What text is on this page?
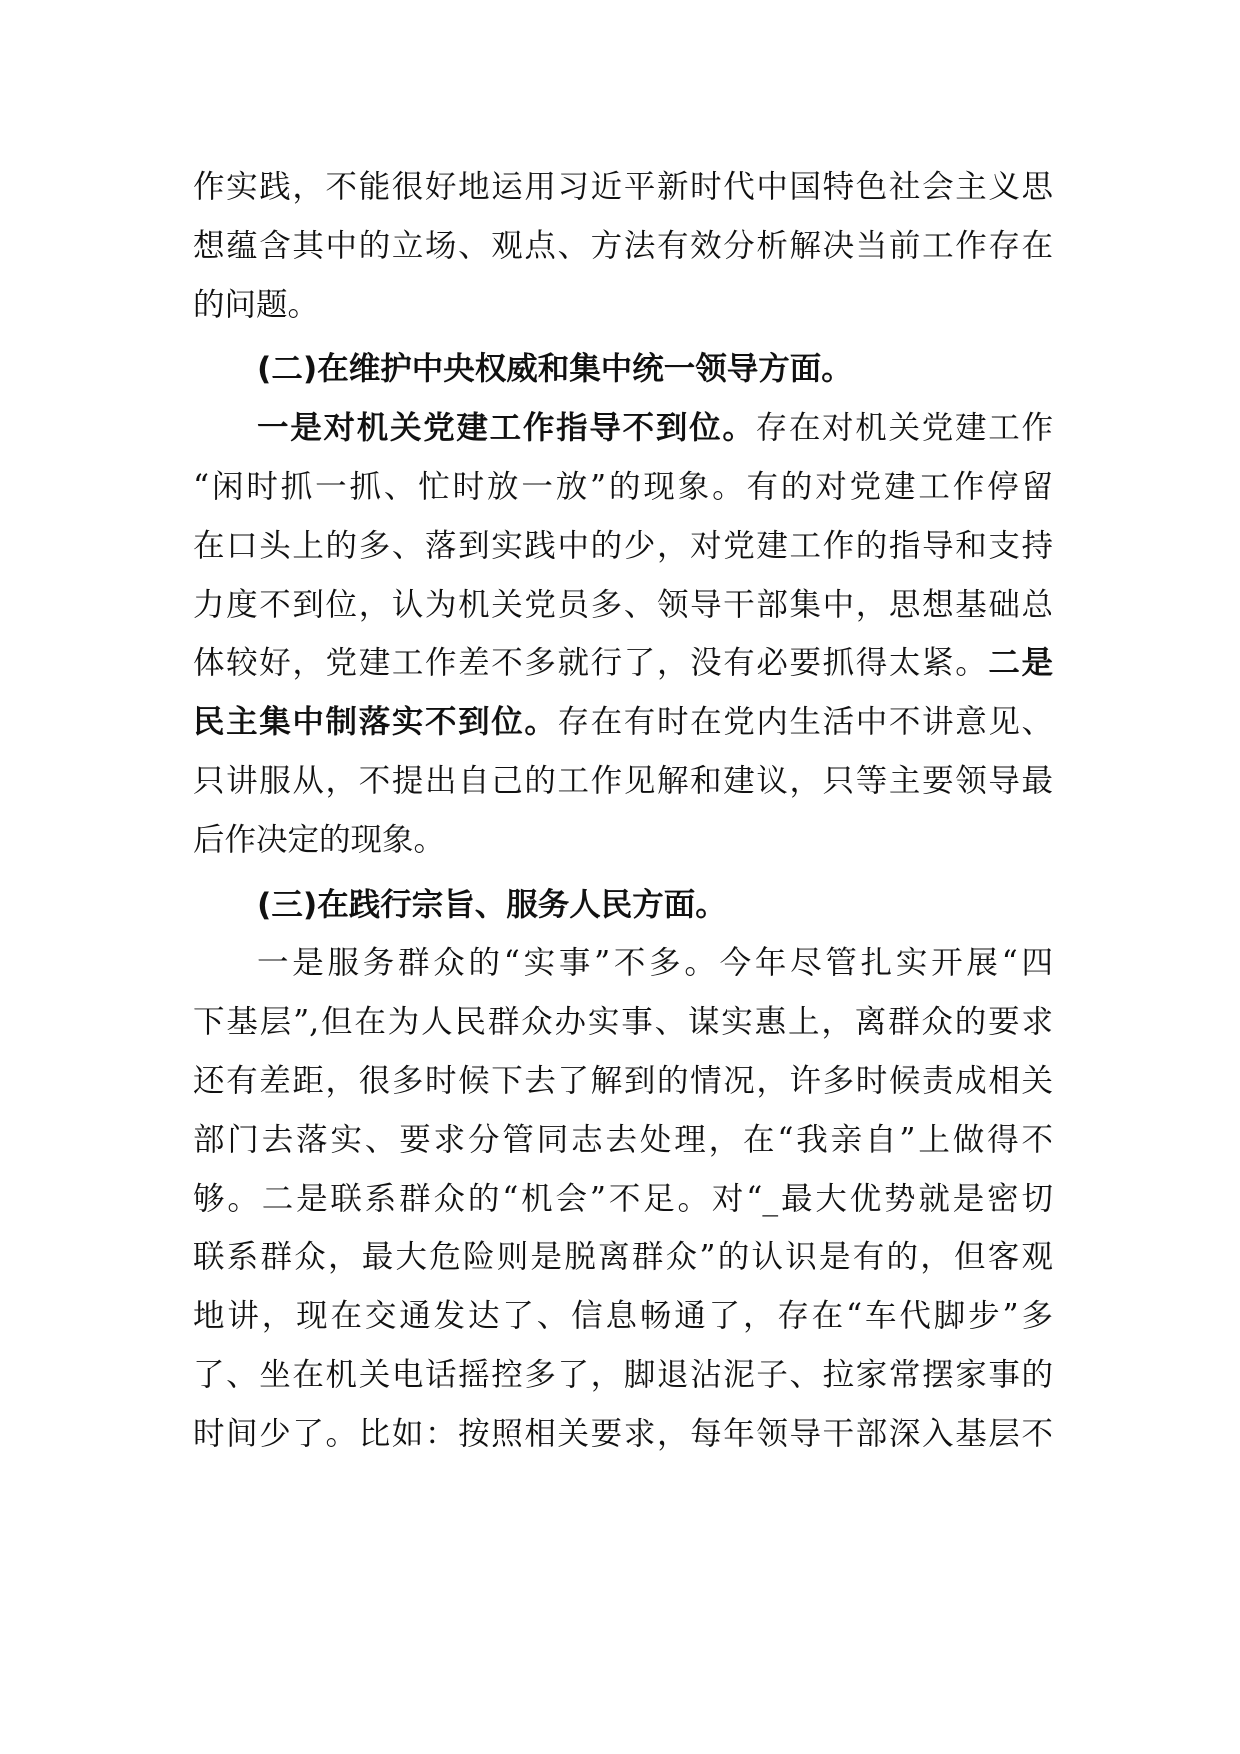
作实践，不能很好地运用习近平新时代中国特色社会主义思
想蕴含其中的立场、观点、方法有效分析解决当前工作存在
的问题。
(二)在维护中央权威和集中统一领导方面。
一是对机关党建工作指导不到位。存在对机关党建工作
“闲时抓一抓、忙时放一放”的现象。有的对党建工作停留
在口头上的多、落到实践中的少，对党建工作的指导和支持
力度不到位，认为机关党员多、领导干部集中，思想基础总
体较好，党建工作差不多就行了，没有必要抓得太紧。二是
民主集中制落实不到位。存在有时在党内生活中不讲意见、
只讲服从，不提出自己的工作见解和建议，只等主要领导最
后作决定的现象。
(三)在践行宗旨、服务人民方面。
一是服务群众的“实事”不多。今年尽管扎实开展“四
下基层”,但在为人民群众办实事、谋实惠上，离群众的要求
还有差距，很多时候下去了解到的情况，许多时候责成相关
部门去落实、要求分管同志去处理，在“我亲自”上做得不
够。二是联系群众的“机会”不足。对“_最大优势就是密切
联系群众，最大危险则是脱离群众”的认识是有的，但客观
地讲，现在交通发达了、信息畅通了，存在“车代脚步”多
了、坐在机关电话摇控多了，脚退沾泥子、拉家常摆家事的
时间少了。比如：按照相关要求，每年领导干部深入基层不
